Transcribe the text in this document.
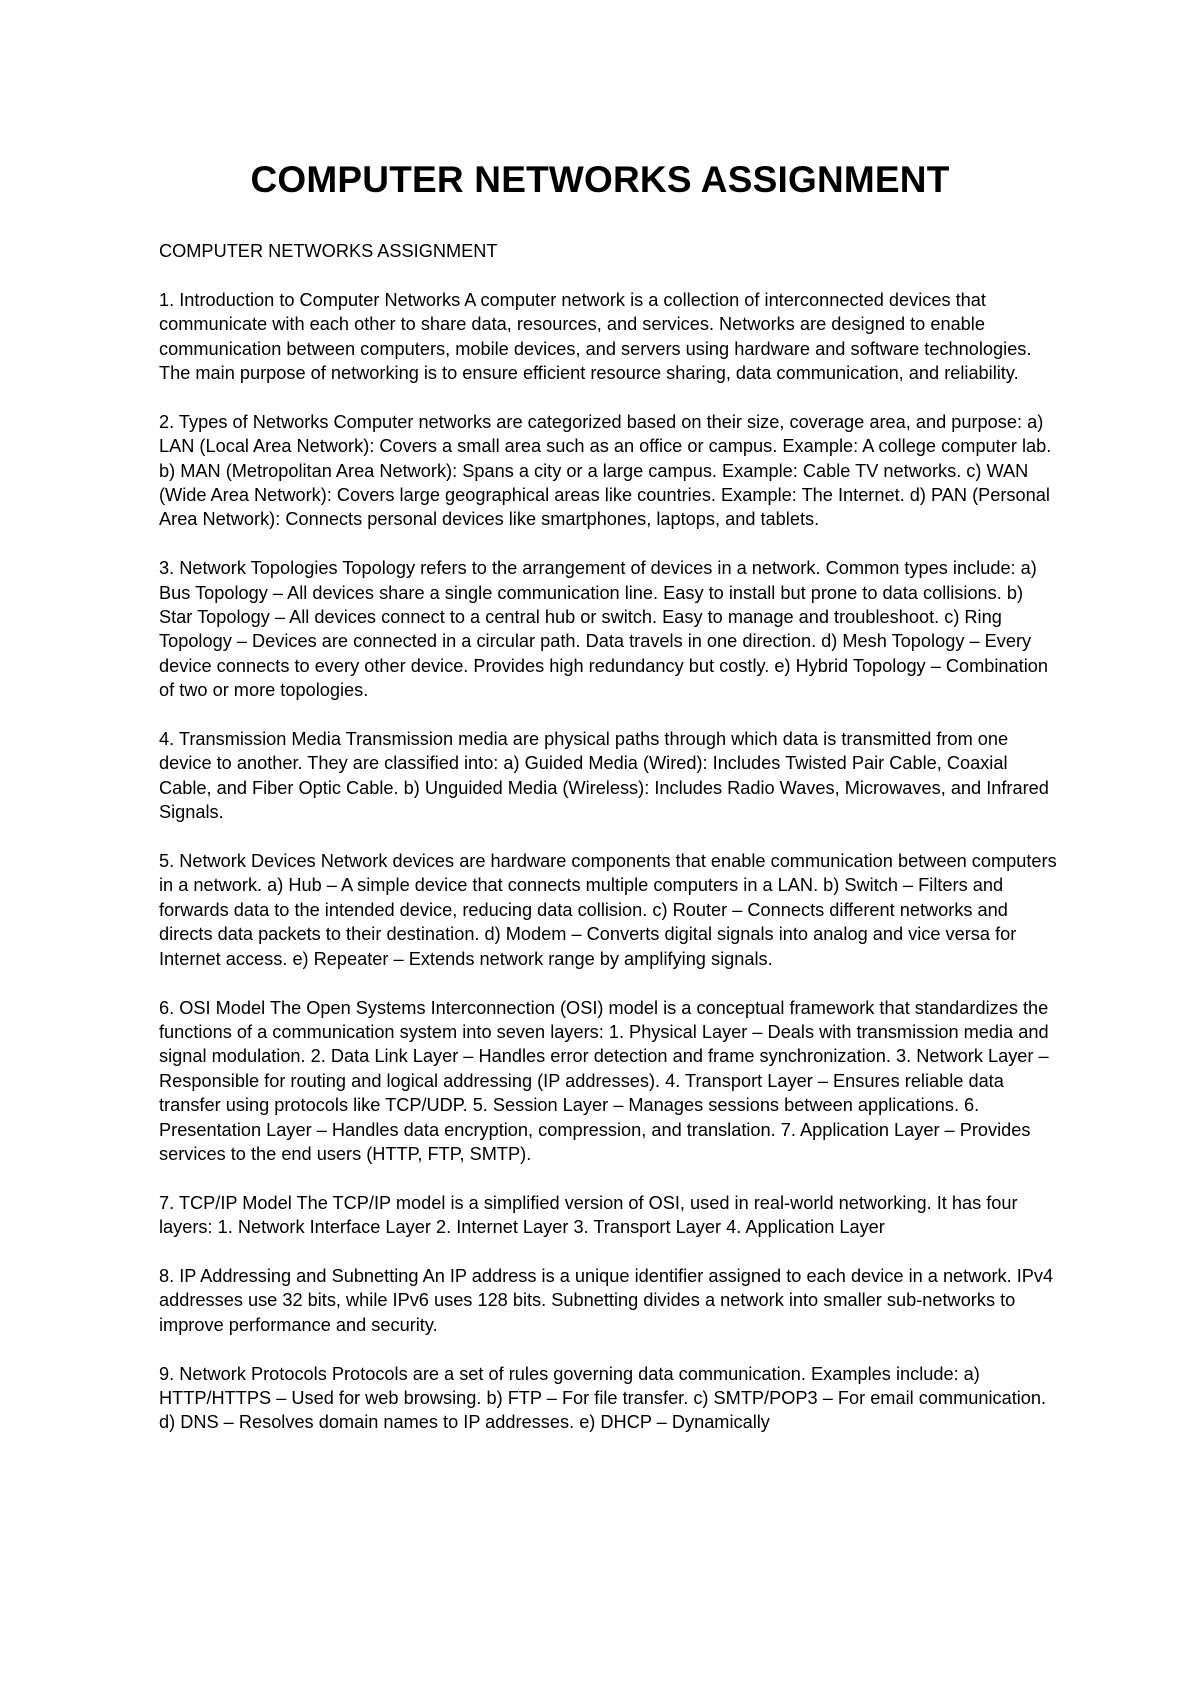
COMPUTER NETWORKS ASSIGNMENT

COMPUTER NETWORKS ASSIGNMENT

1. Introduction to Computer Networks A computer network is a collection of interconnected devices that communicate with each other to share data, resources, and services. Networks are designed to enable communication between computers, mobile devices, and servers using hardware and software technologies. The main purpose of networking is to ensure efficient resource sharing, data communication, and reliability.

2. Types of Networks Computer networks are categorized based on their size, coverage area, and purpose: a) LAN (Local Area Network): Covers a small area such as an office or campus. Example: A college computer lab. b) MAN (Metropolitan Area Network): Spans a city or a large campus. Example: Cable TV networks. c) WAN (Wide Area Network): Covers large geographical areas like countries. Example: The Internet. d) PAN (Personal Area Network): Connects personal devices like smartphones, laptops, and tablets.

3. Network Topologies Topology refers to the arrangement of devices in a network. Common types include: a) Bus Topology – All devices share a single communication line. Easy to install but prone to data collisions. b) Star Topology – All devices connect to a central hub or switch. Easy to manage and troubleshoot. c) Ring Topology – Devices are connected in a circular path. Data travels in one direction. d) Mesh Topology – Every device connects to every other device. Provides high redundancy but costly. e) Hybrid Topology – Combination of two or more topologies.

4. Transmission Media Transmission media are physical paths through which data is transmitted from one device to another. They are classified into: a) Guided Media (Wired): Includes Twisted Pair Cable, Coaxial Cable, and Fiber Optic Cable. b) Unguided Media (Wireless): Includes Radio Waves, Microwaves, and Infrared Signals.

5. Network Devices Network devices are hardware components that enable communication between computers in a network. a) Hub – A simple device that connects multiple computers in a LAN. b) Switch – Filters and forwards data to the intended device, reducing data collision. c) Router – Connects different networks and directs data packets to their destination. d) Modem – Converts digital signals into analog and vice versa for Internet access. e) Repeater – Extends network range by amplifying signals.

6. OSI Model The Open Systems Interconnection (OSI) model is a conceptual framework that standardizes the functions of a communication system into seven layers: 1. Physical Layer – Deals with transmission media and signal modulation. 2. Data Link Layer – Handles error detection and frame synchronization. 3. Network Layer – Responsible for routing and logical addressing (IP addresses). 4. Transport Layer – Ensures reliable data transfer using protocols like TCP/UDP. 5. Session Layer – Manages sessions between applications. 6. Presentation Layer – Handles data encryption, compression, and translation. 7. Application Layer – Provides services to the end users (HTTP, FTP, SMTP).

7. TCP/IP Model The TCP/IP model is a simplified version of OSI, used in real-world networking. It has four layers: 1. Network Interface Layer 2. Internet Layer 3. Transport Layer 4. Application Layer

8. IP Addressing and Subnetting An IP address is a unique identifier assigned to each device in a network. IPv4 addresses use 32 bits, while IPv6 uses 128 bits. Subnetting divides a network into smaller sub-networks to improve performance and security.

9. Network Protocols Protocols are a set of rules governing data communication. Examples include: a) HTTP/HTTPS – Used for web browsing. b) FTP – For file transfer. c) SMTP/POP3 – For email communication. d) DNS – Resolves domain names to IP addresses. e) DHCP – Dynamically
